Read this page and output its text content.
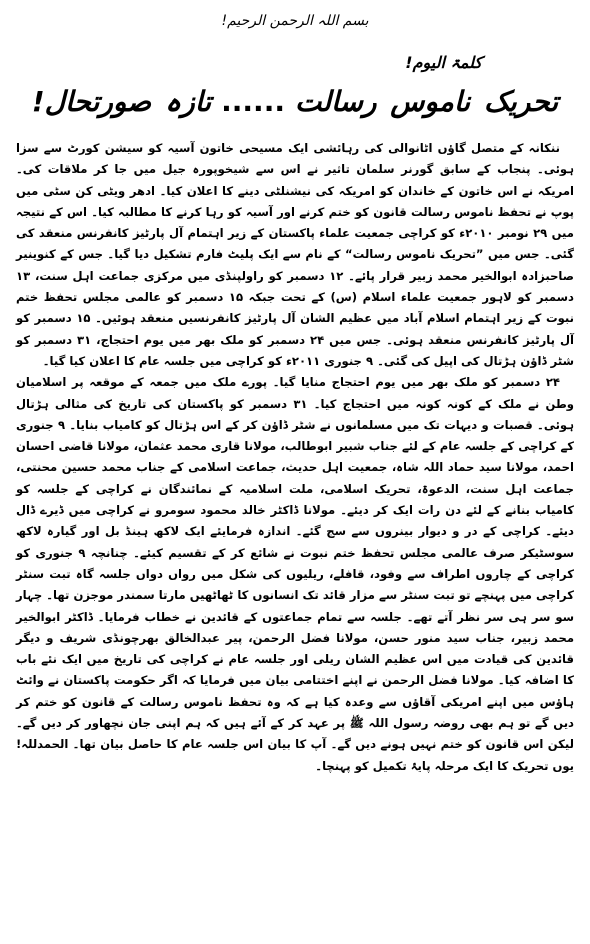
بسم اللہ الرحمن الرحیم!
کلمۃ الیوم!
تحریک ناموس رسالت......تازہ صورتحال!

ننکانہ کے متصل گاؤں اٹانوالی کی رہائشی ایک مسیحی خاتون آسیہ کو سیشن کورٹ سے سزا ہوئی۔ پنجاب کے سابق گورنر سلمان تاثیر نے اس سے شیخوپورہ جیل میں جا کر ملاقات کی۔ امریکہ نے اس خاتون کے خاندان کو امریکہ کی نیشنلٹی دینے کا اعلان کیا۔ ادھر ویٹی کن سٹی میں پوپ نے تحفظ ناموس رسالت قانون کو ختم کرنے اور آسیہ کو رہا کرنے کا مطالبہ کیا۔ اس کے نتیجہ میں ۲۹ نومبر ۲۰۱۰ء کو کراچی جمعیت علماء پاکستان کے زیر اہتمام آل پارٹیز کانفرنس منعقد کی گئی۔ جس میں ”تحریک ناموس رسالت“ کے نام سے ایک پلیٹ فارم تشکیل دیا گیا۔ جس کے کنوینیر صاحبزادہ ابوالخیر محمد زبیر قرار پائے۔ ۱۲ دسمبر کو راولپنڈی میں مرکزی جماعت اہل سنت، ۱۳ دسمبر کو لاہور جمعیت علماء اسلام (س) کے تحت جبکہ ۱۵ دسمبر کو عالمی مجلس تحفظ ختم نبوت کے زیر اہتمام اسلام آباد میں عظیم الشان آل پارٹیز کانفرنسیں منعقد ہوئیں۔ ۱۵ دسمبر کو آل پارٹیز کانفرنس منعقد ہوئی۔ جس میں ۲۴ دسمبر کو ملک بھر میں یوم احتجاج، ۳۱ دسمبر کو شٹر ڈاؤن ہڑتال کی اپیل کی گئی۔ ۹ جنوری ۲۰۱۱ء کو کراچی میں جلسہ عام کا اعلان کیا گیا۔

۲۴ دسمبر کو ملک بھر میں یوم احتجاج منایا گیا۔ پورے ملک میں جمعہ کے موقعہ پر اسلامیان وطن نے ملک کے کونہ کونہ میں احتجاج کیا۔ ۳۱ دسمبر کو پاکستان کی تاریخ کی مثالی ہڑتال ہوئی۔ قصبات و دیہات تک میں مسلمانوں نے شٹر ڈاؤن کر کے اس ہڑتال کو کامیاب بنایا۔ ۹ جنوری کے کراچی کے جلسہ عام کے لئے جناب شبیر ابوطالب، مولانا قاری محمد عثمان، مولانا قاضی احسان احمد، مولانا سید حماد اللہ شاہ، جمعیت اہل حدیث، جماعت اسلامی کے جناب محمد حسین محنتی، جماعت اہل سنت، الدعوۃ، تحریک اسلامی، ملت اسلامیہ کے نمائندگان نے کراچی کے جلسہ کو کامیاب بنانے کے لئے دن رات ایک کر دیئے۔ مولانا ڈاکٹر خالد محمود سومرو نے کراچی میں ڈیرے ڈال دیئے۔ کراچی کے در و دیوار بینروں سے سج گئے۔ اندازہ فرمایئے ایک لاکھ ہینڈ بل اور گیارہ لاکھ سوسٹیکر صرف عالمی مجلس تحفظ ختم نبوت نے شائع کر کے تقسیم کیئے۔ چنانچہ ۹ جنوری کو کراچی کے چاروں اطراف سے وفود، قافلے، ریلیوں کی شکل میں رواں دواں جلسہ گاہ تبت سنٹر کراچی میں پہنچے تو تبت سنٹر سے مزار قائد تک انسانوں کا ٹھاٹھیں مارتا سمندر موجزن تھا۔ چہار سو سر ہی سر نظر آتے تھے۔ جلسہ سے تمام جماعتوں کے قائدین نے خطاب فرمایا۔ ڈاکٹر ابوالخیر محمد زبیر، جناب سید منور حسن، مولانا فضل الرحمن، پیر عبدالخالق بھرچونڈی شریف و دیگر قائدین کی قیادت میں اس عظیم الشان ریلی اور جلسہ عام نے کراچی کی تاریخ میں ایک نئے باب کا اضافہ کیا۔ مولانا فضل الرحمن نے اپنے اختتامی بیان میں فرمایا کہ اگر حکومت پاکستان نے وائٹ ہاؤس میں اپنے امریکی آقاؤں سے وعدہ کیا ہے کہ وہ تحفظ ناموس رسالت کے قانون کو ختم کر دیں گے تو ہم بھی روضہ رسول اللہ ﷺ پر عہد کر کے آئے ہیں کہ ہم اپنی جان نچھاور کر دیں گے۔ لیکن اس قانون کو ختم نہیں ہونے دیں گے۔ آپ کا بیان اس جلسہ عام کا حاصل بیان تھا۔ الحمدللہ! یوں تحریک کا ایک مرحلہ پایۂ تکمیل کو پہنچا۔
